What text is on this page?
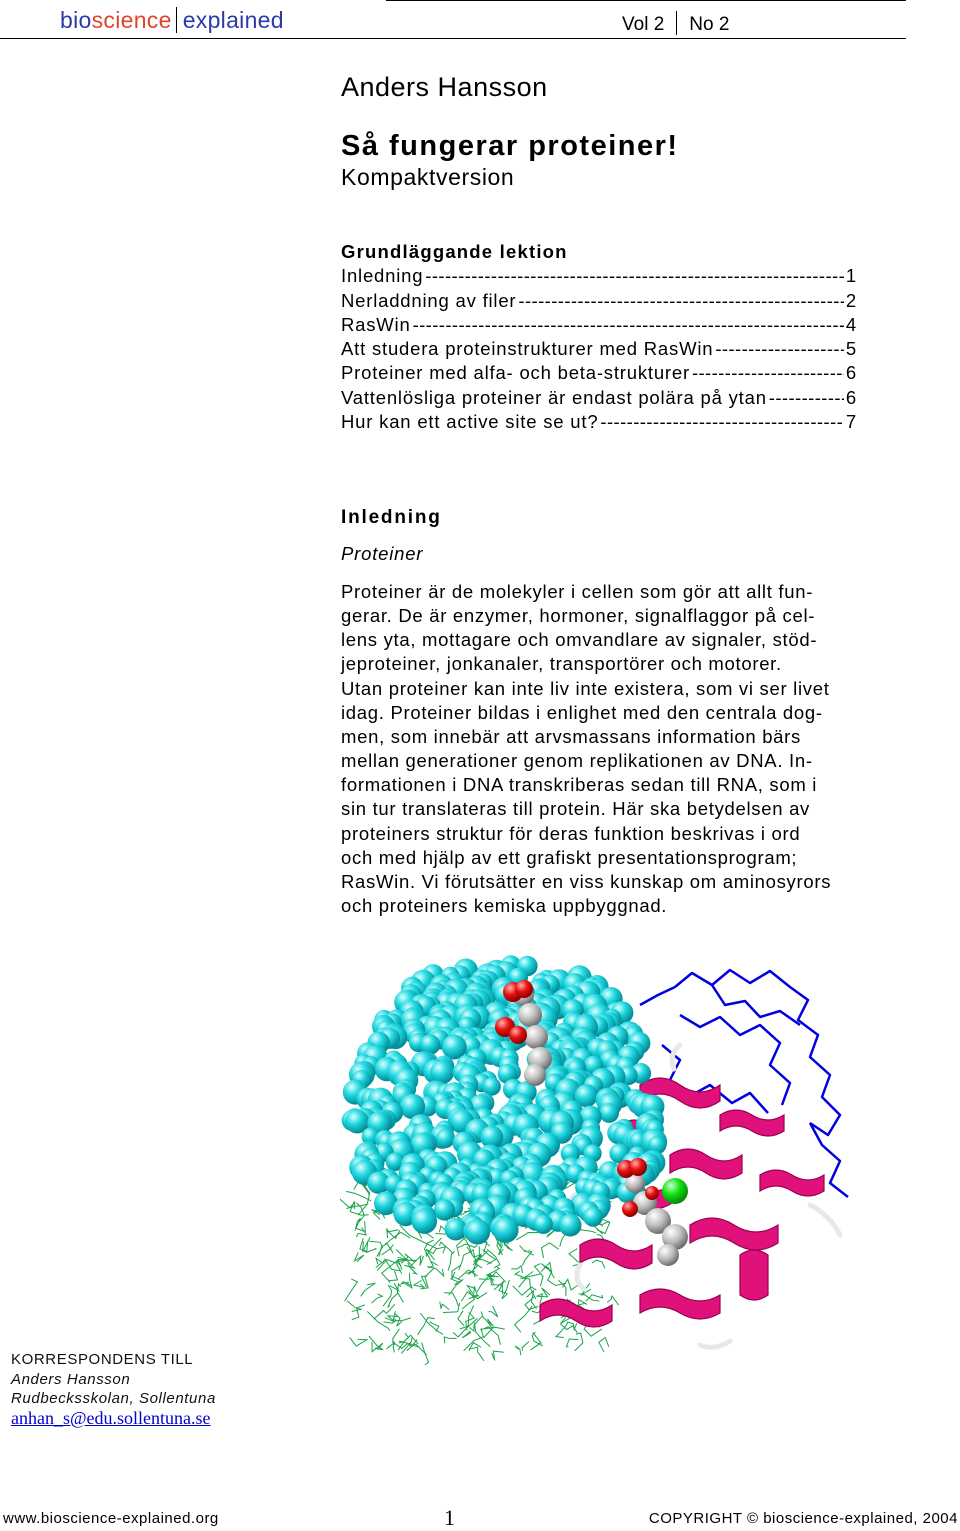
bioscience explained	Vol 2 No 2
Anders Hansson
Så fungerar proteiner!
Kompaktversion
Grundläggande lektion
Inledning -----	1
Nerladdning av filer -----	2
RasWin -----	4
Att studera proteinstrukturer med RasWin -----	5
Proteiner med alfa- och beta-strukturer -----	6
Vattenlösliga proteiner är endast polära på ytan -----	6
Hur kan ett active site se ut? -----	7
Inledning
Proteiner
Proteiner är de molekyler i cellen som gör att allt fun-
gerar. De är enzymer, hormoner, signalflaggor på cel-
lens yta, mottagare och omvandlare av signaler, stöd-
jeproteiner, jonkanaler, transportörer och motorer.
Utan proteiner kan inte liv inte existera, som vi ser livet
idag. Proteiner bildas i enlighet med den centrala dog-
men, som innebär att arvsmassans information bärs
mellan generationer genom replikationen av DNA. In-
formationen i DNA transkriberas sedan till RNA, som i
sin tur translateras till protein. Här ska betydelsen av
proteiners struktur för deras funktion beskrivas i ord
och med hjälp av ett grafiskt presentationsprogram;
RasWin. Vi förutsätter en viss kunskap om aminosyrors
och proteiners kemiska uppbyggnad.
KORRESPONDENS TILL
Anders Hansson
Rudbecksskolan, Sollentuna
anhan_s@edu.sollentuna.se
www.bioscience-explained.org	1	COPYRIGHT © bioscience-explained, 2004
